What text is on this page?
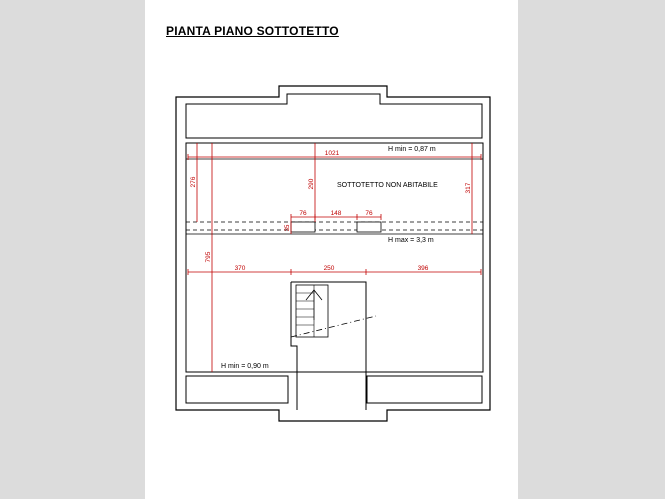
PIANTA PIANO SOTTOTETTO
1021
276	290	317
795
35
76	148	76
370	250	396
H min = 0,87 m
SOTTOTETTO NON ABITABILE
H max = 3,3 m
H min = 0,90 m
